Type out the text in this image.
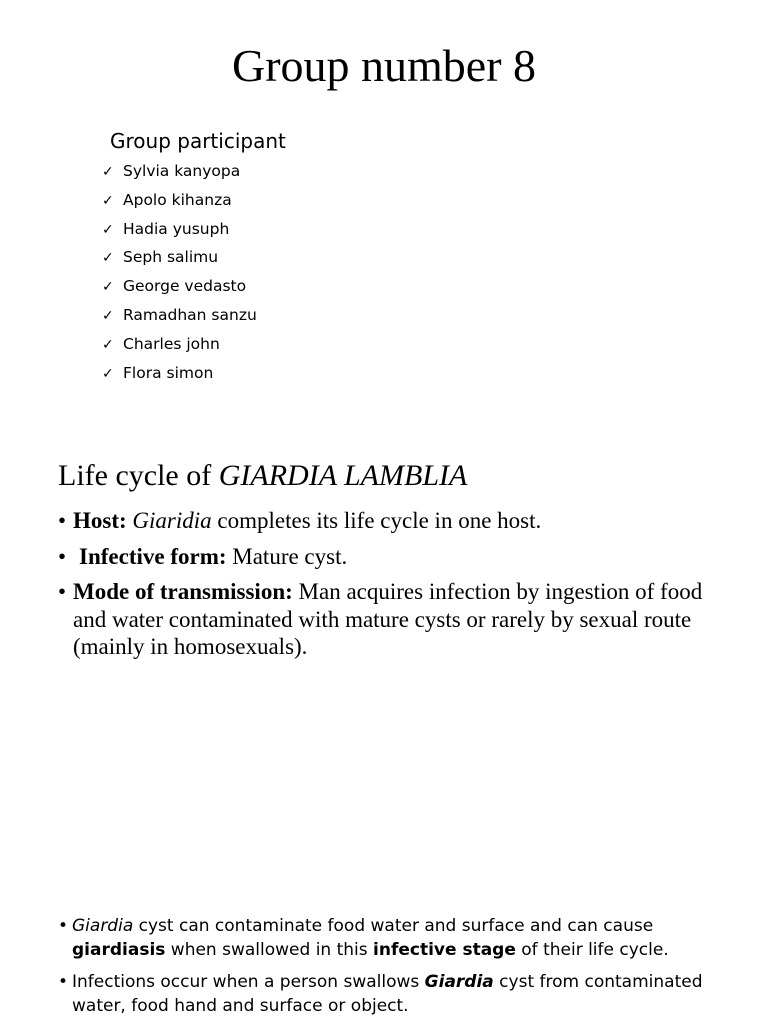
Group number 8
Group participant
✓ Sylvia kanyopa
✓ Apolo kihanza
✓ Hadia yusuph
✓ Seph salimu
✓ George vedasto
✓ Ramadhan sanzu
✓ Charles john
✓ Flora simon
Life cycle of GIARDIA LAMBLIA
• Host: Giaridia completes its life cycle in one host.
• Infective form: Mature cyst.
• Mode of transmission: Man acquires infection by ingestion of food and water contaminated with mature cysts or rarely by sexual route (mainly in homosexuals).
• Giardia cyst can contaminate food water and surface and can cause giardiasis when swallowed in this infective stage of their life cycle.
• Infections occur when a person swallows Giardia cyst from contaminated water, food hand and surface or object.
